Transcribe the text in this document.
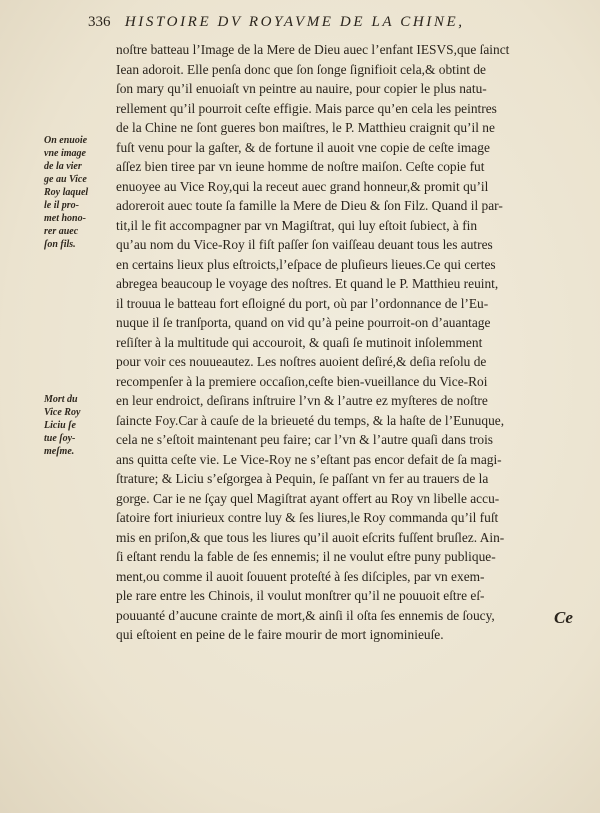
336 HISTOIRE DV ROYAVME DE LA CHINE,
noſtre batteau l’Image de la Mere de Dieu auec l’enfant IESVS,que ſainct
Iean adoroit. Elle penſa donc que ſon ſonge ſignifioit cela,& obtint de
ſon mary qu’il enuoiaſt vn peintre au nauire, pour copier le plus natu-
rellement qu’il pourroit ceſte effigie. Mais parce qu’en cela les peintres
de la Chine ne ſont gueres bon maiſtres, le P. Matthieu craignit qu’il ne
fuſt venu pour la gaſter, & de fortune il auoit vne copie de ceſte image
aſſez bien tiree par vn ieune homme de noſtre maiſon. Ceſte copie fut
enuoyee au Vice Roy,qui la receut auec grand honneur,& promit qu’il
adoreroit auec toute ſa famille la Mere de Dieu & ſon Filz. Quand il par-
tit,il le fit accompagner par vn Magiſtrat, qui luy eſtoit ſubiect, à fin
qu’au nom du Vice-Roy il fiſt paſſer ſon vaiſſeau deuant tous les autres
en certains lieux plus eſtroicts,l’eſpace de pluſieurs lieues.Ce qui certes
abregea beaucoup le voyage des noſtres. Et quand le P. Matthieu reuint,
il trouua le batteau fort eſloigné du port, où par l’ordonnance de l’Eu-
nuque il ſe tranſporta, quand on vid qu’à peine pourroit-on d’auantage
reſiſter à la multitude qui accouroit, & quaſi ſe mutinoit inſolemment
pour voir ces nouueautez. Les noſtres auoient deſiré,& deſia reſolu de
recompenſer à la premiere occaſion,ceſte bien-vueillance du Vice-Roi
en leur endroict, deſirans inſtruire l’vn & l’autre ez myſteres de noſtre
ſaincte Foy.Car à cauſe de la brieueté du temps, & la haſte de l’Eunuque,
cela ne s’eſtoit maintenant peu faire; car l’vn & l’autre quaſi dans trois
ans quitta ceſte vie. Le Vice-Roy ne s’eſtant pas encor defait de ſa magi-
ſtrature; & Liciu s’eſgorgea à Pequin, ſe paſſant vn fer au trauers de la
gorge. Car ie ne ſçay quel Magiſtrat ayant offert au Roy vn libelle accu-
ſatoire fort iniurieux contre luy & ſes liures,le Roy commanda qu’il fuſt
mis en priſon,& que tous les liures qu’il auoit eſcrits fuſſent bruſlez. Ain-
ſi eſtant rendu la fable de ſes ennemis; il ne voulut eſtre puny publique-
ment,ou comme il auoit ſouuent proteſté à ſes diſciples, par vn exem-
ple rare entre les Chinois, il voulut monſtrer qu’il ne pouuoit eſtre eſ-
pouuanté d’aucune crainte de mort,& ainſi il oſta ſes ennemis de ſoucy,
qui eſtoient en peine de le faire mourir de mort ignominieuſe.
On enuoie
vne image
de la vier
ge au Vice
Roy laquel
le il pro-
met hono-
rer auec
ſon fils.
Mort du
Vice Roy
Liciu ſe
tue ſoy-
meſme.
Ce
